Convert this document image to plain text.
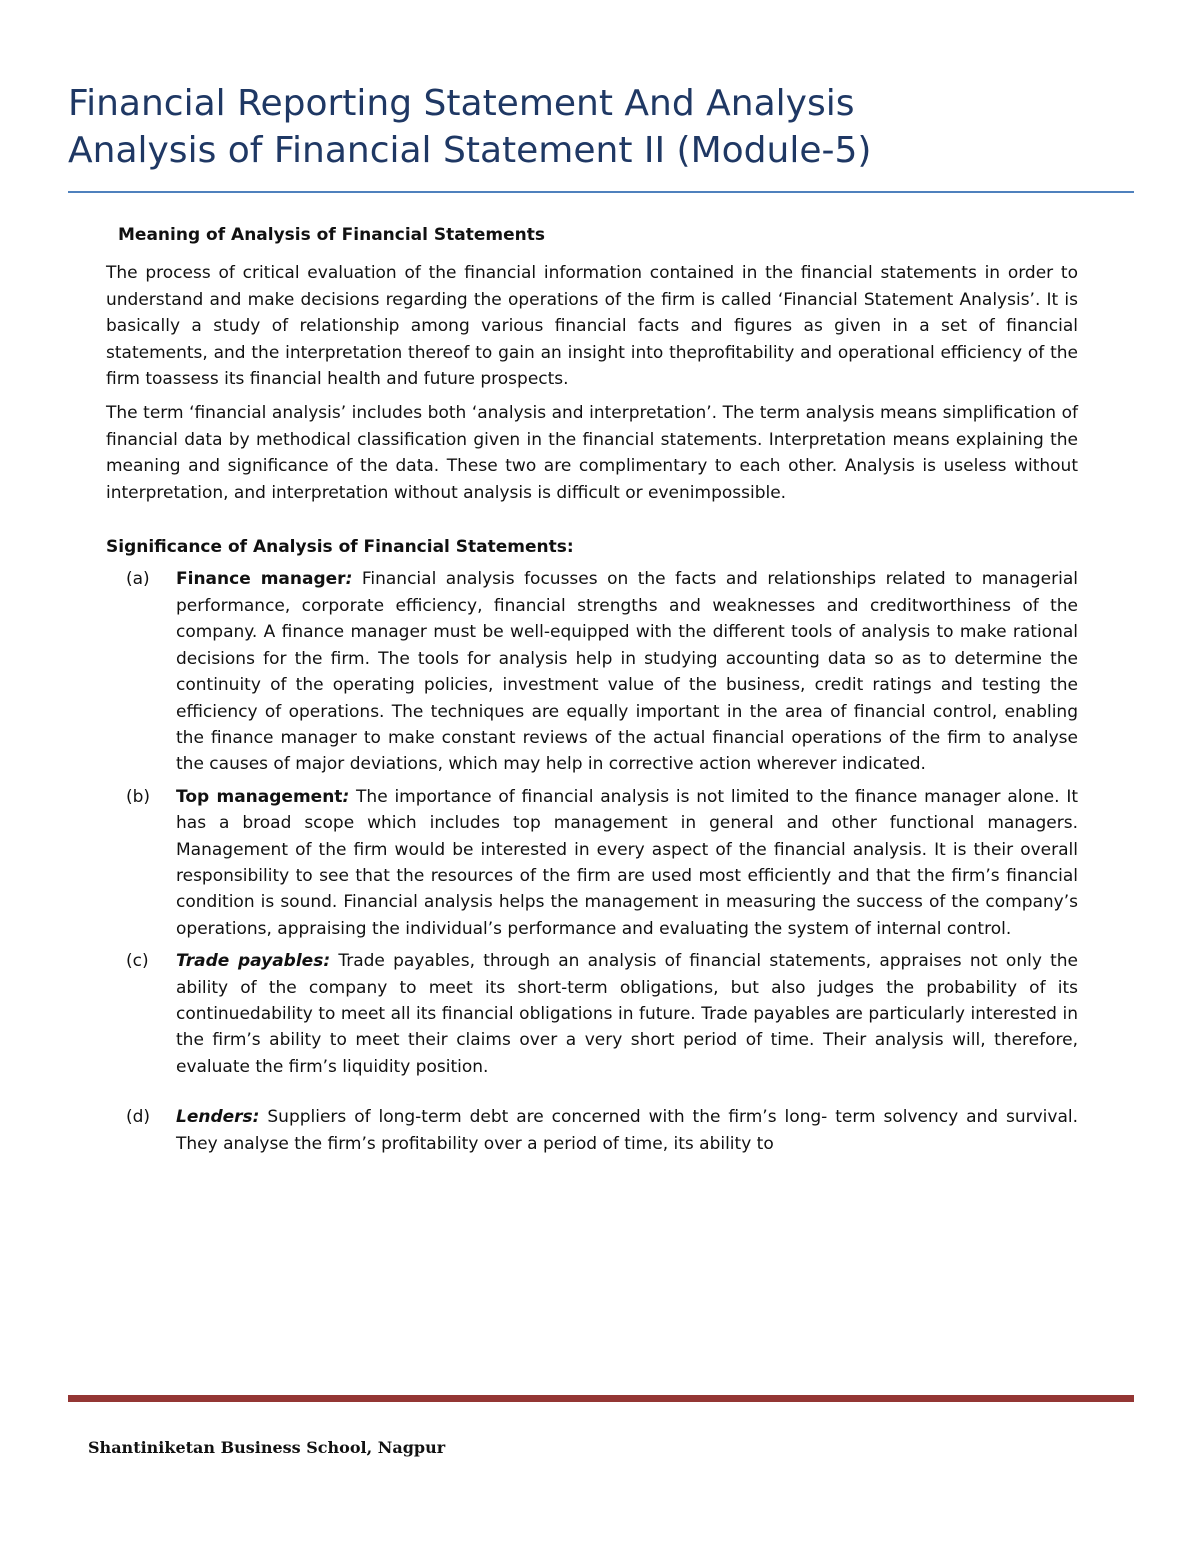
Financial Reporting Statement And Analysis
Analysis of Financial Statement II (Module-5)

Meaning of Analysis of Financial Statements

The process of critical evaluation of the financial information contained in the financial statements in order to understand and make decisions regarding the operations of the firm is called ‘Financial Statement Analysis’. It is basically a study of relationship among various financial facts and figures as given in a set of financial statements, and the interpretation thereof to gain an insight into theprofitability and operational efficiency of the firm toassess its financial health and future prospects.

The term ‘financial analysis’ includes both ‘analysis and interpretation’. The term analysis means simplification of financial data by methodical classification given in the financial statements. Interpretation means explaining the meaning and significance of the data. These two are complimentary to each other. Analysis is useless without interpretation, and interpretation without analysis is difficult or evenimpossible.

Significance of Analysis of Financial Statements:

(a) Finance manager: Financial analysis focusses on the facts and relationships related to managerial performance, corporate efficiency, financial strengths and weaknesses and creditworthiness of the company. A finance manager must be well-equipped with the different tools of analysis to make rational decisions for the firm. The tools for analysis help in studying accounting data so as to determine the continuity of the operating policies, investment value of the business, credit ratings and testing the efficiency of operations. The techniques are equally important in the area of financial control, enabling the finance manager to make constant reviews of the actual financial operations of the firm to analyse the causes of major deviations, which may help in corrective action wherever indicated.
(b) Top management: The importance of financial analysis is not limited to the finance manager alone. It has a broad scope which includes top management in general and other functional managers. Management of the firm would be interested in every aspect of the financial analysis. It is their overall responsibility to see that the resources of the firm are used most efficiently and that the firm’s financial condition is sound. Financial analysis helps the management in measuring the success of the company’s operations, appraising the individual’s performance and evaluating the system of internal control.
(c) Trade payables: Trade payables, through an analysis of financial statements, appraises not only the ability of the company to meet its short-term obligations, but also judges the probability of its continuedability to meet all its financial obligations in future. Trade payables are particularly interested in the firm’s ability to meet their claims over a very short period of time. Their analysis will, therefore, evaluate the firm’s liquidity position.
(d) Lenders: Suppliers of long-term debt are concerned with the firm’s long- term solvency and survival. They analyse the firm’s profitability over a period of time, its ability to
Shantiniketan Business School, Nagpur
